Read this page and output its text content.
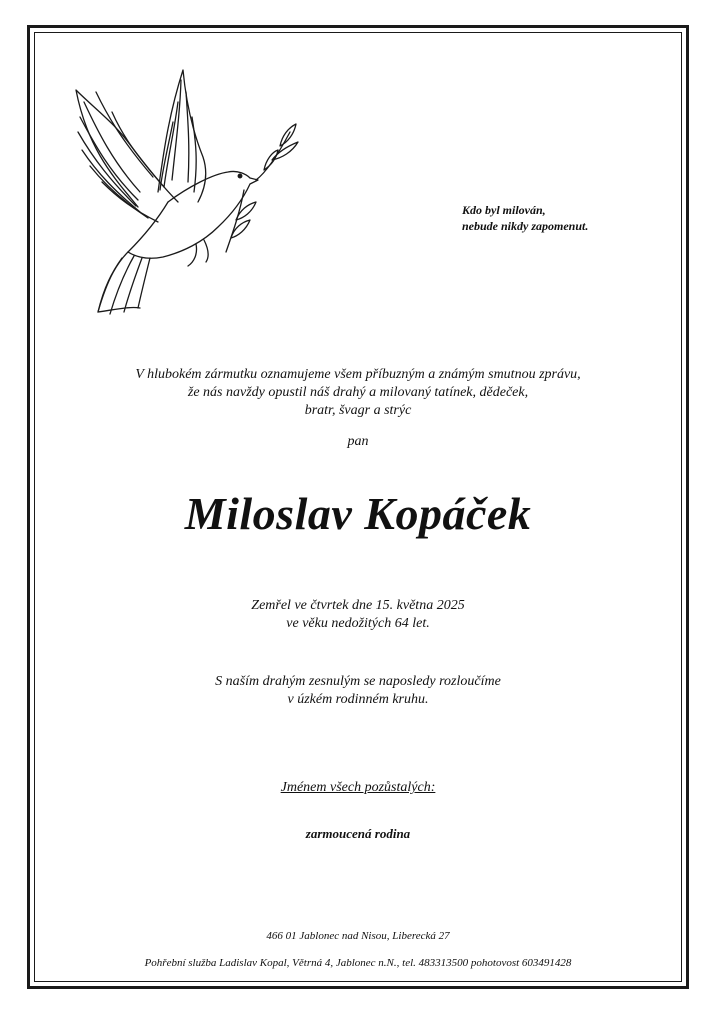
Kdo byl milován,
nebude nikdy zapomenut.
V hlubokém zármutku oznamujeme všem příbuzným a známým smutnou zprávu,
že nás navždy opustil náš drahý a milovaný tatínek, dědeček,
bratr, švagr a strýc
pan
Miloslav Kopáček
Zemřel ve čtvrtek dne 15. května 2025
ve věku nedožitých 64 let.
S naším drahým zesnulým se naposledy rozloučíme
v úzkém rodinném kruhu.
Jménem všech pozůstalých:
zarmoucená rodina
466 01 Jablonec nad Nisou, Liberecká 27
Pohřební služba Ladislav Kopal, Větrná 4, Jablonec n.N., tel. 483313500 pohotovost 603491428
